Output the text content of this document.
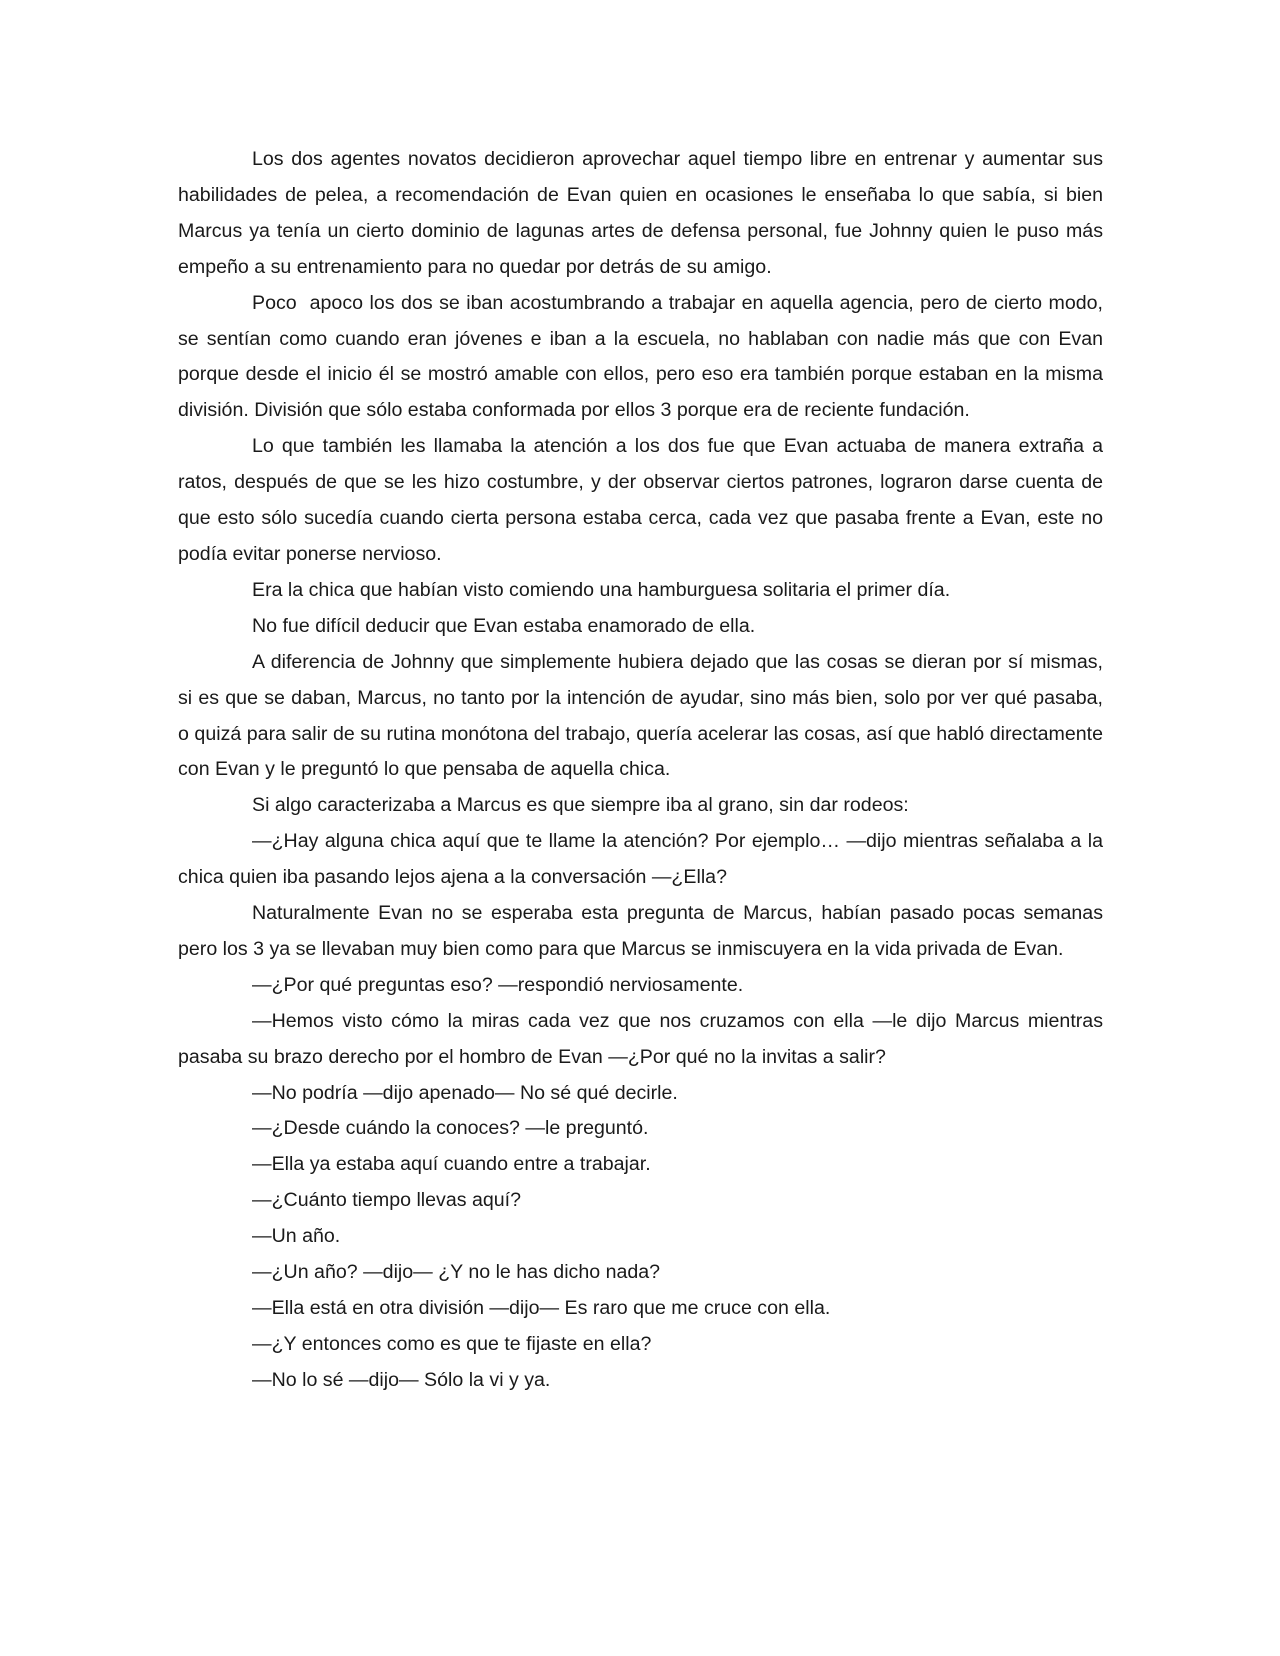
Los dos agentes novatos decidieron aprovechar aquel tiempo libre en entrenar y aumentar sus habilidades de pelea, a recomendación de Evan quien en ocasiones le enseñaba lo que sabía, si bien Marcus ya tenía un cierto dominio de lagunas artes de defensa personal, fue Johnny quien le puso más empeño a su entrenamiento para no quedar por detrás de su amigo.

Poco  apoco los dos se iban acostumbrando a trabajar en aquella agencia, pero de cierto modo, se sentían como cuando eran jóvenes e iban a la escuela, no hablaban con nadie más que con Evan porque desde el inicio él se mostró amable con ellos, pero eso era también porque estaban en la misma división. División que sólo estaba conformada por ellos 3 porque era de reciente fundación.

Lo que también les llamaba la atención a los dos fue que Evan actuaba de manera extraña a ratos, después de que se les hizo costumbre, y der observar ciertos patrones, lograron darse cuenta de que esto sólo sucedía cuando cierta persona estaba cerca, cada vez que pasaba frente a Evan, este no podía evitar ponerse nervioso.

Era la chica que habían visto comiendo una hamburguesa solitaria el primer día.

No fue difícil deducir que Evan estaba enamorado de ella.

A diferencia de Johnny que simplemente hubiera dejado que las cosas se dieran por sí mismas, si es que se daban, Marcus, no tanto por la intención de ayudar, sino más bien, solo por ver qué pasaba, o quizá para salir de su rutina monótona del trabajo, quería acelerar las cosas, así que habló directamente con Evan y le preguntó lo que pensaba de aquella chica.

Si algo caracterizaba a Marcus es que siempre iba al grano, sin dar rodeos:

—¿Hay alguna chica aquí que te llame la atención? Por ejemplo… —dijo mientras señalaba a la chica quien iba pasando lejos ajena a la conversación —¿Ella?

Naturalmente Evan no se esperaba esta pregunta de Marcus, habían pasado pocas semanas pero los 3 ya se llevaban muy bien como para que Marcus se inmiscuyera en la vida privada de Evan.

—¿Por qué preguntas eso? —respondió nerviosamente.

—Hemos visto cómo la miras cada vez que nos cruzamos con ella —le dijo Marcus mientras pasaba su brazo derecho por el hombro de Evan —¿Por qué no la invitas a salir?

—No podría —dijo apenado— No sé qué decirle.

—¿Desde cuándo la conoces? —le preguntó.

—Ella ya estaba aquí cuando entre a trabajar.

—¿Cuánto tiempo llevas aquí?

—Un año.

—¿Un año? —dijo— ¿Y no le has dicho nada?

—Ella está en otra división —dijo— Es raro que me cruce con ella.

—¿Y entonces como es que te fijaste en ella?

—No lo sé —dijo— Sólo la vi y ya.
